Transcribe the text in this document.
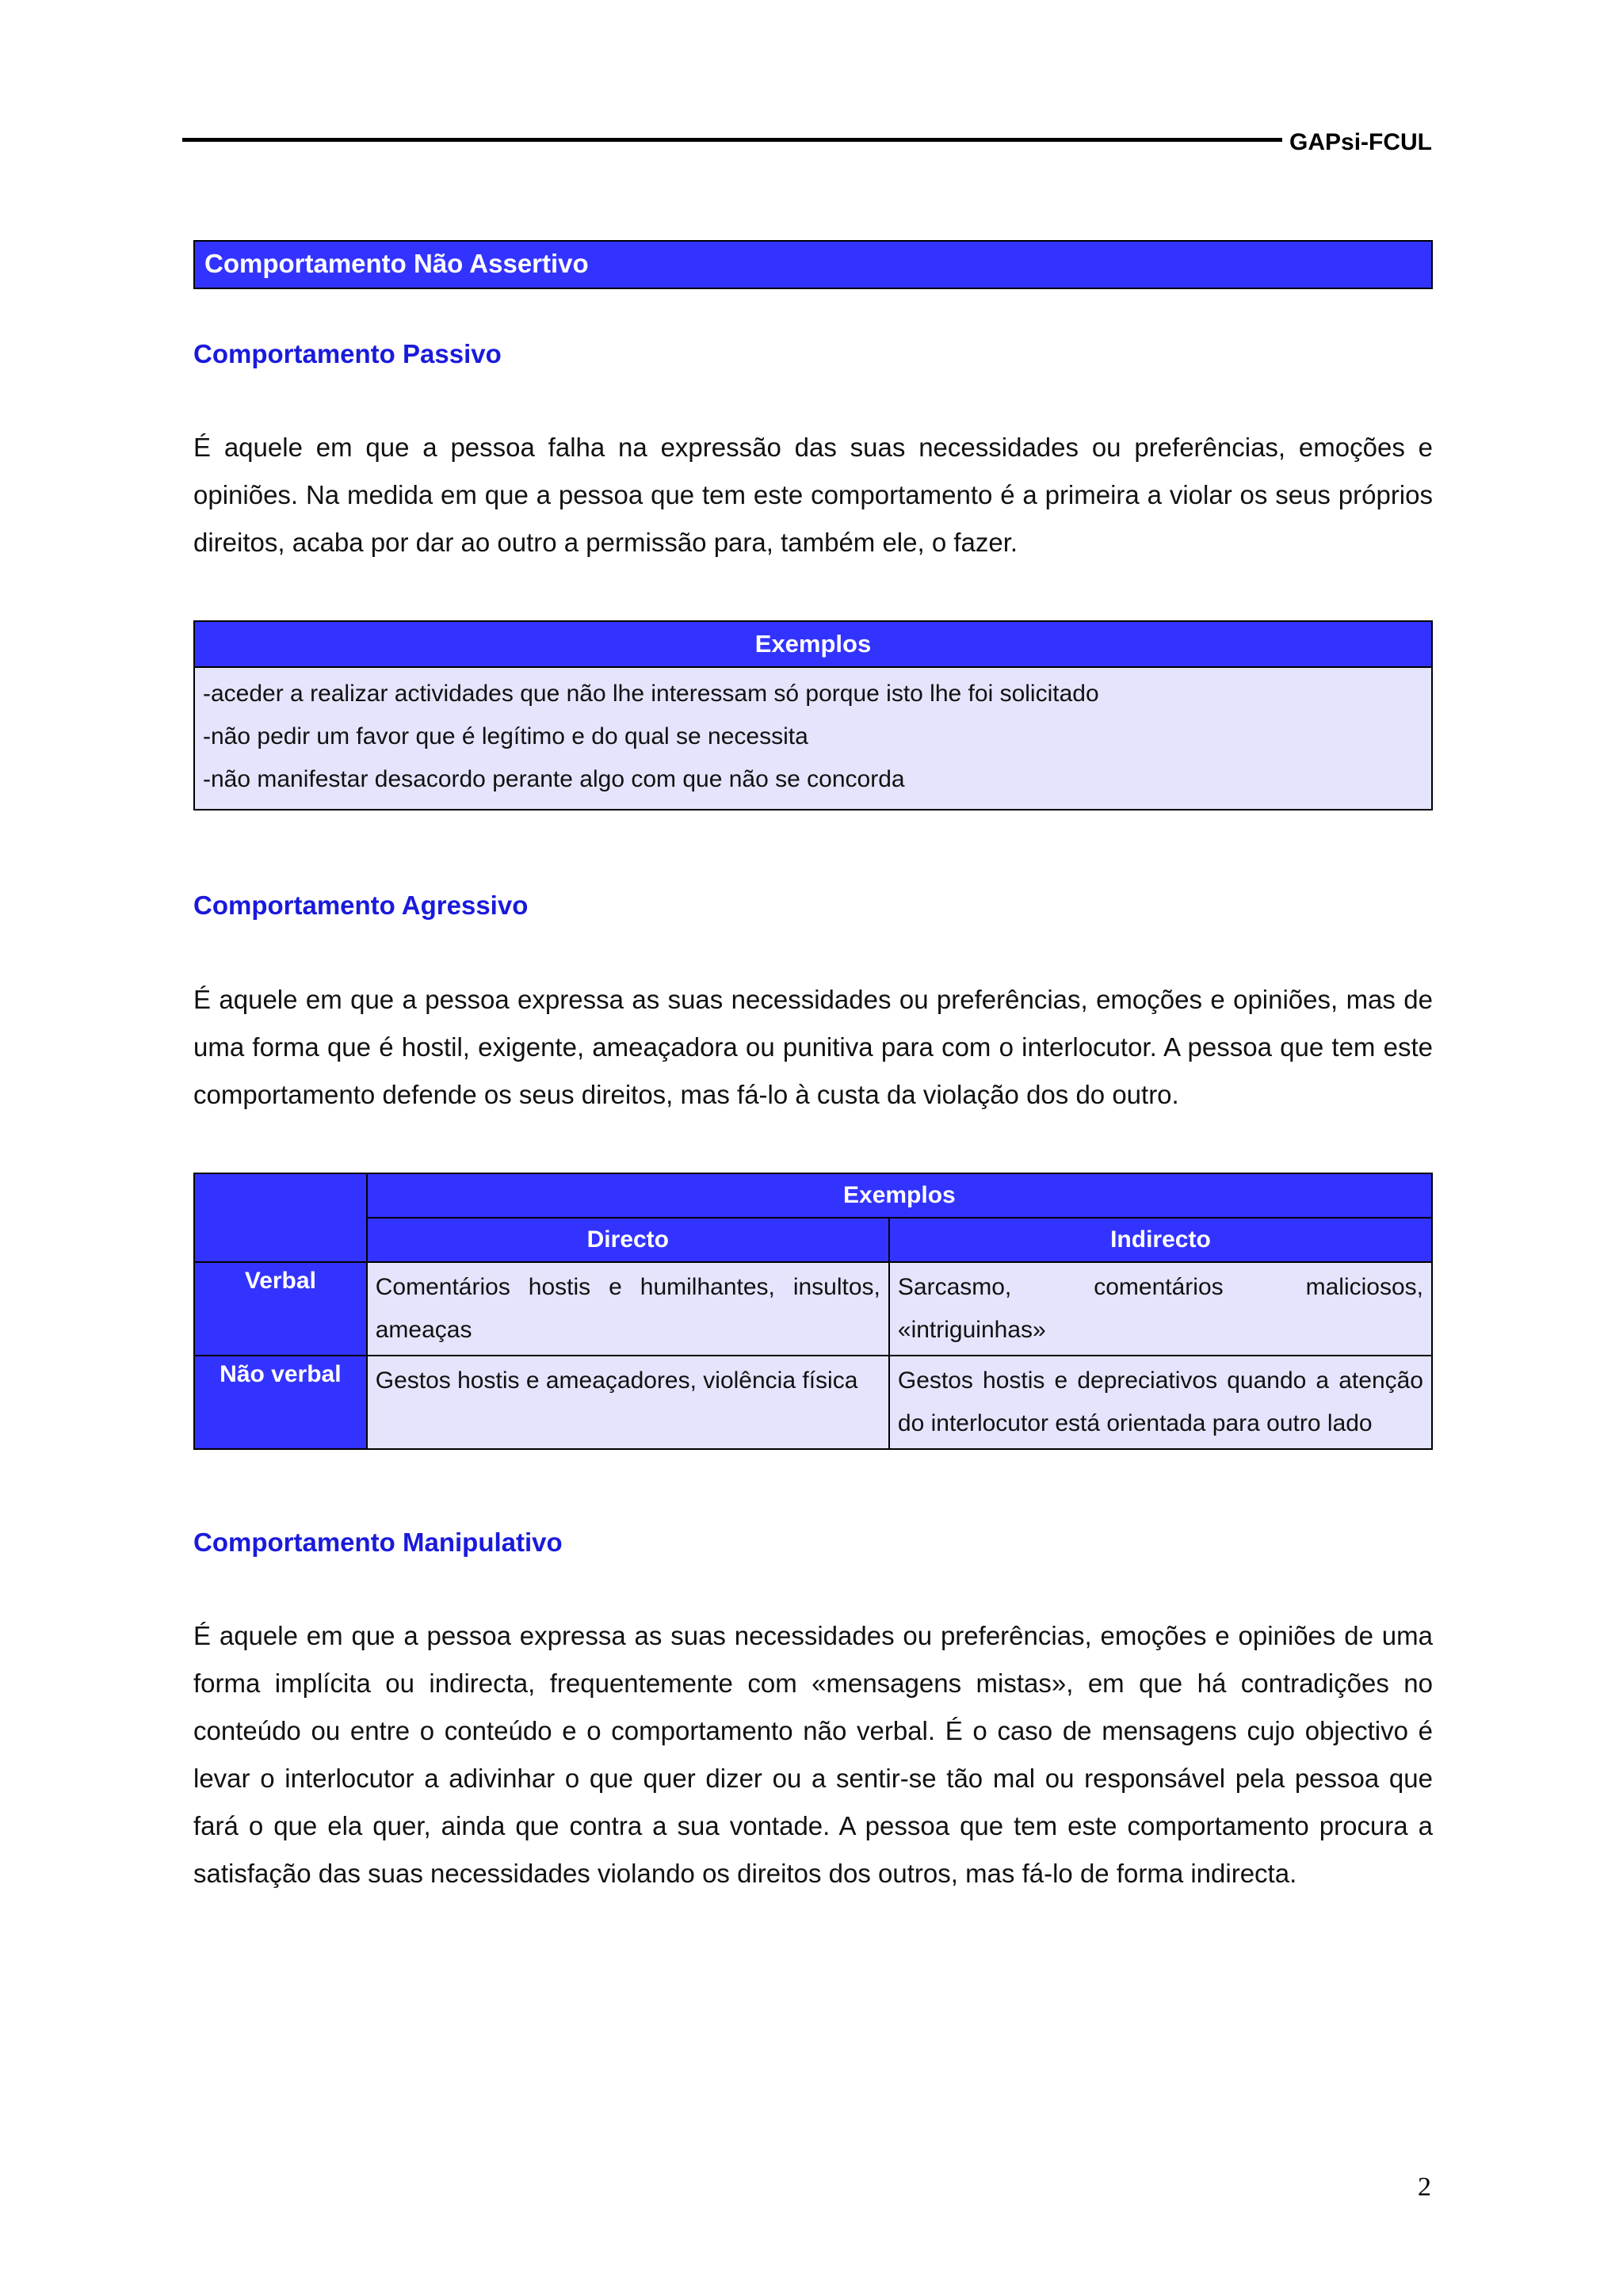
GAPsi-FCUL
Comportamento Não Assertivo
Comportamento Passivo
É aquele em que a pessoa falha na expressão das suas necessidades ou preferências, emoções e opiniões. Na medida em que a pessoa que tem este comportamento é a primeira a violar os seus próprios direitos, acaba por dar ao outro a permissão para, também ele, o fazer.
Exemplos
-aceder a realizar actividades que não lhe interessam só porque isto lhe foi solicitado
-não pedir um favor que é legítimo e do qual se necessita
-não manifestar desacordo perante algo com que não se concorda
Comportamento Agressivo
É aquele em que a pessoa expressa as suas necessidades ou preferências, emoções e opiniões, mas de uma forma que é hostil, exigente, ameaçadora ou punitiva para com o interlocutor. A pessoa que tem este comportamento defende os seus direitos, mas fá-lo à custa da violação dos do outro.
	Exemplos	
	Directo	Indirecto
Verbal	Comentários hostis e humilhantes, insultos, ameaças	Sarcasmo, comentários maliciosos, «intriguinhas»
Não verbal	Gestos hostis e ameaçadores, violência física	Gestos hostis e depreciativos quando a atenção do interlocutor está orientada para outro lado
Comportamento Manipulativo
É aquele em que a pessoa expressa as suas necessidades ou preferências, emoções e opiniões de uma forma implícita ou indirecta, frequentemente com «mensagens mistas», em que há contradições no conteúdo ou entre o conteúdo e o comportamento não verbal. É o caso de mensagens cujo objectivo é levar o interlocutor a adivinhar o que quer dizer ou a sentir-se tão mal ou responsável pela pessoa que fará o que ela quer, ainda que contra a sua vontade. A pessoa que tem este comportamento procura a satisfação das suas necessidades violando os direitos dos outros, mas fá-lo de forma indirecta.
2
